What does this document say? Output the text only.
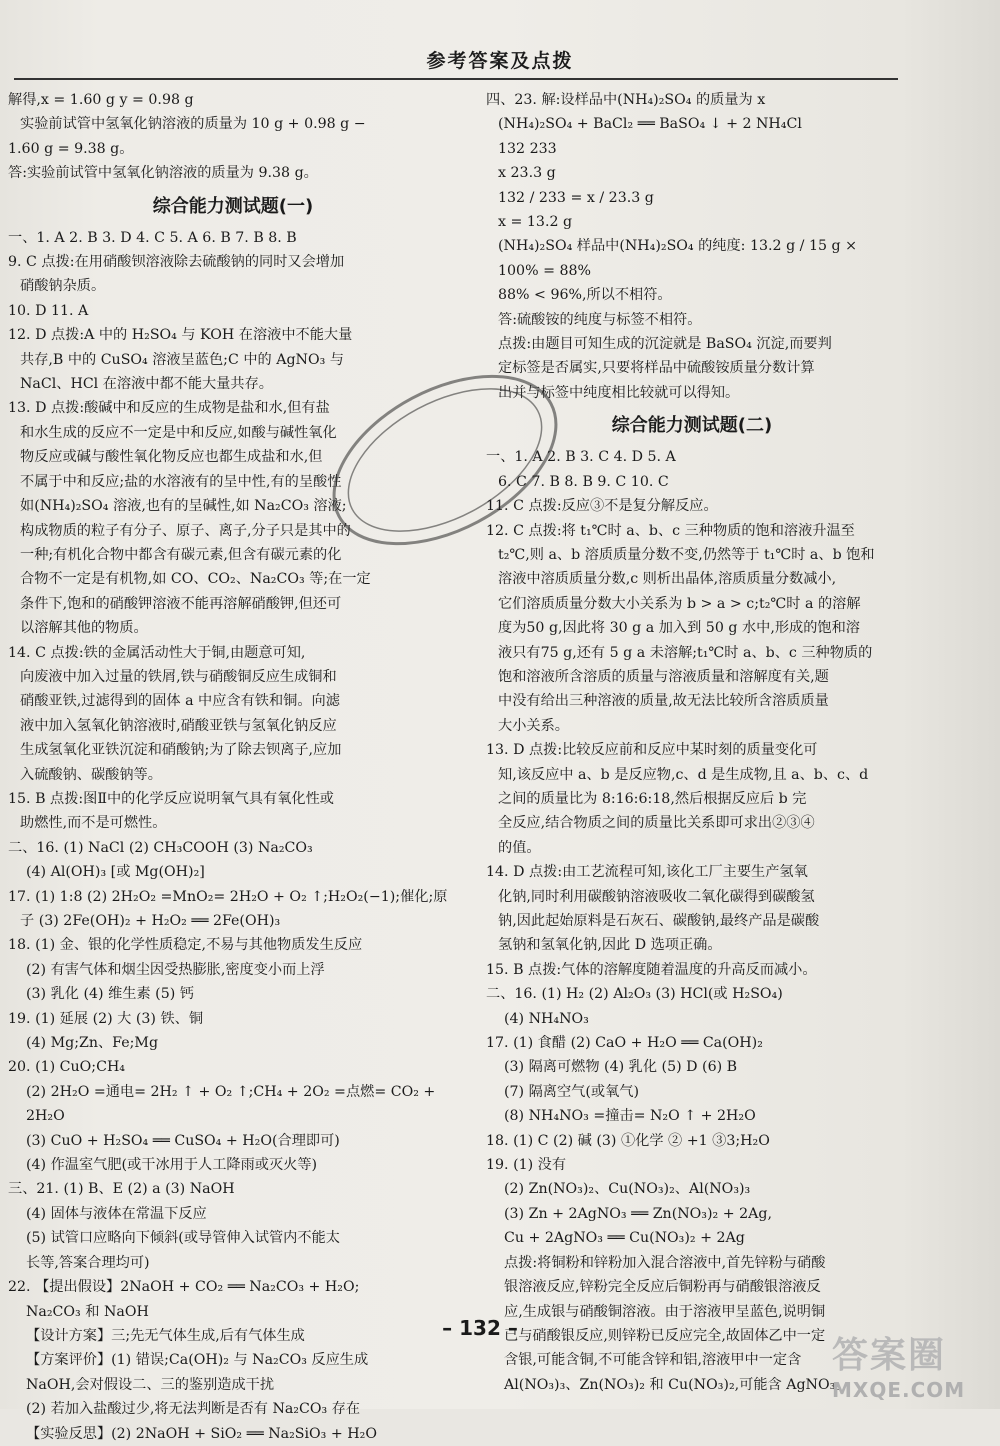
参考答案及点拨

解得,x = 1.60 g y = 0.98 g

实验前试管中氢氧化钠溶液的质量为 10 g + 0.98 g −

1.60 g = 9.38 g。

答:实验前试管中氢氧化钠溶液的质量为 9.38 g。

综合能力测试题(一)

一、1. A 2. B 3. D 4. C 5. A 6. B 7. B 8. B

9. C 点拨:在用硝酸钡溶液除去硫酸钠的同时又会增加

硝酸钠杂质。

10. D 11. A

12. D 点拨:A 中的 H₂SO₄ 与 KOH 在溶液中不能大量

共存,B 中的 CuSO₄ 溶液呈蓝色;C 中的 AgNO₃ 与

NaCl、HCl 在溶液中都不能大量共存。

13. D 点拨:酸碱中和反应的生成物是盐和水,但有盐

和水生成的反应不一定是中和反应,如酸与碱性氧化

物反应或碱与酸性氧化物反应也都生成盐和水,但

不属于中和反应;盐的水溶液有的呈中性,有的呈酸性

如(NH₄)₂SO₄ 溶液,也有的呈碱性,如 Na₂CO₃ 溶液;

构成物质的粒子有分子、原子、离子,分子只是其中的

一种;有机化合物中都含有碳元素,但含有碳元素的化

合物不一定是有机物,如 CO、CO₂、Na₂CO₃ 等;在一定

条件下,饱和的硝酸钾溶液不能再溶解硝酸钾,但还可

以溶解其他的物质。

14. C 点拨:铁的金属活动性大于铜,由题意可知,

向废液中加入过量的铁屑,铁与硝酸铜反应生成铜和

硝酸亚铁,过滤得到的固体 a 中应含有铁和铜。向滤

液中加入氢氧化钠溶液时,硝酸亚铁与氢氧化钠反应

生成氢氧化亚铁沉淀和硝酸钠;为了除去钡离子,应加

入硫酸钠、碳酸钠等。

15. B 点拨:图Ⅱ中的化学反应说明氧气具有氧化性或

助燃性,而不是可燃性。

二、16. (1) NaCl (2) CH₃COOH (3) Na₂CO₃

(4) Al(OH)₃ [或 Mg(OH)₂]

17. (1) 1:8 (2) 2H₂O₂ =MnO₂= 2H₂O + O₂ ↑;H₂O₂(−1);催化;原

子 (3) 2Fe(OH)₂ + H₂O₂ ══ 2Fe(OH)₃

18. (1) 金、银的化学性质稳定,不易与其他物质发生反应

(2) 有害气体和烟尘因受热膨胀,密度变小而上浮

(3) 乳化 (4) 维生素 (5) 钙

19. (1) 延展 (2) 大 (3) 铁、铜

(4) Mg;Zn、Fe;Mg

20. (1) CuO;CH₄

(2) 2H₂O =通电= 2H₂ ↑ + O₂ ↑;CH₄ + 2O₂ =点燃= CO₂ +

2H₂O

(3) CuO + H₂SO₄ ══ CuSO₄ + H₂O(合理即可)

(4) 作温室气肥(或干冰用于人工降雨或灭火等)

三、21. (1) B、E (2) a (3) NaOH

(4) 固体与液体在常温下反应

(5) 试管口应略向下倾斜(或导管伸入试管内不能太

长等,答案合理均可)

22. 【提出假设】2NaOH + CO₂ ══ Na₂CO₃ + H₂O;

Na₂CO₃ 和 NaOH

【设计方案】三;先无气体生成,后有气体生成

【方案评价】(1) 错误;Ca(OH)₂ 与 Na₂CO₃ 反应生成

NaOH,会对假设二、三的鉴别造成干扰

(2) 若加入盐酸过少,将无法判断是否有 Na₂CO₃ 存在

【实验反思】(2) 2NaOH + SiO₂ ══ Na₂SiO₃ + H₂O

四、23. 解:设样品中(NH₄)₂SO₄ 的质量为 x

(NH₄)₂SO₄ + BaCl₂ ══ BaSO₄ ↓ + 2 NH₄Cl

132 233

x 23.3 g

132 / 233 = x / 23.3 g

x = 13.2 g

(NH₄)₂SO₄ 样品中(NH₄)₂SO₄ 的纯度: 13.2 g / 15 g ×

100% = 88%

88% < 96%,所以不相符。

答:硫酸铵的纯度与标签不相符。

点拨:由题目可知生成的沉淀就是 BaSO₄ 沉淀,而要判

定标签是否属实,只要将样品中硫酸铵质量分数计算

出并与标签中纯度相比较就可以得知。

综合能力测试题(二)

一、1. A 2. B 3. C 4. D 5. A

6. C 7. B 8. B 9. C 10. C

11. C 点拨:反应③不是复分解反应。

12. C 点拨:将 t₁℃时 a、b、c 三种物质的饱和溶液升温至

t₂℃,则 a、b 溶质质量分数不变,仍然等于 t₁℃时 a、b 饱和

溶液中溶质质量分数,c 则析出晶体,溶质质量分数减小,

它们溶质质量分数大小关系为 b > a > c;t₂℃时 a 的溶解

度为50 g,因此将 30 g a 加入到 50 g 水中,形成的饱和溶

液只有75 g,还有 5 g a 未溶解;t₁℃时 a、b、c 三种物质的

饱和溶液所含溶质的质量与溶液质量和溶解度有关,题

中没有给出三种溶液的质量,故无法比较所含溶质质量

大小关系。

13. D 点拨:比较反应前和反应中某时刻的质量变化可

知,该反应中 a、b 是反应物,c、d 是生成物,且 a、b、c、d

之间的质量比为 8:16:6:18,然后根据反应后 b 完

全反应,结合物质之间的质量比关系即可求出②③④

的值。

14. D 点拨:由工艺流程可知,该化工厂主要生产氢氧

化钠,同时利用碳酸钠溶液吸收二氧化碳得到碳酸氢

钠,因此起始原料是石灰石、碳酸钠,最终产品是碳酸

氢钠和氢氧化钠,因此 D 选项正确。

15. B 点拨:气体的溶解度随着温度的升高反而减小。

二、16. (1) H₂ (2) Al₂O₃ (3) HCl(或 H₂SO₄)

(4) NH₄NO₃

17. (1) 食醋 (2) CaO + H₂O ══ Ca(OH)₂

(3) 隔离可燃物 (4) 乳化 (5) D (6) B

(7) 隔离空气(或氧气)

(8) NH₄NO₃ =撞击= N₂O ↑ + 2H₂O

18. (1) C (2) 碱 (3) ①化学 ② +1 ③3;H₂O

19. (1) 没有

(2) Zn(NO₃)₂、Cu(NO₃)₂、Al(NO₃)₃

(3) Zn + 2AgNO₃ ══ Zn(NO₃)₂ + 2Ag,

Cu + 2AgNO₃ ══ Cu(NO₃)₂ + 2Ag

点拨:将铜粉和锌粉加入混合溶液中,首先锌粉与硝酸

银溶液反应,锌粉完全反应后铜粉再与硝酸银溶液反

应,生成银与硝酸铜溶液。由于溶液甲呈蓝色,说明铜

已与硝酸银反应,则锌粉已反应完全,故固体乙中一定

含银,可能含铜,不可能含锌和铝,溶液甲中一定含

Al(NO₃)₃、Zn(NO₃)₂ 和 Cu(NO₃)₂,可能含 AgNO₃。

– 132 –
答案圈
MXQE.COM
